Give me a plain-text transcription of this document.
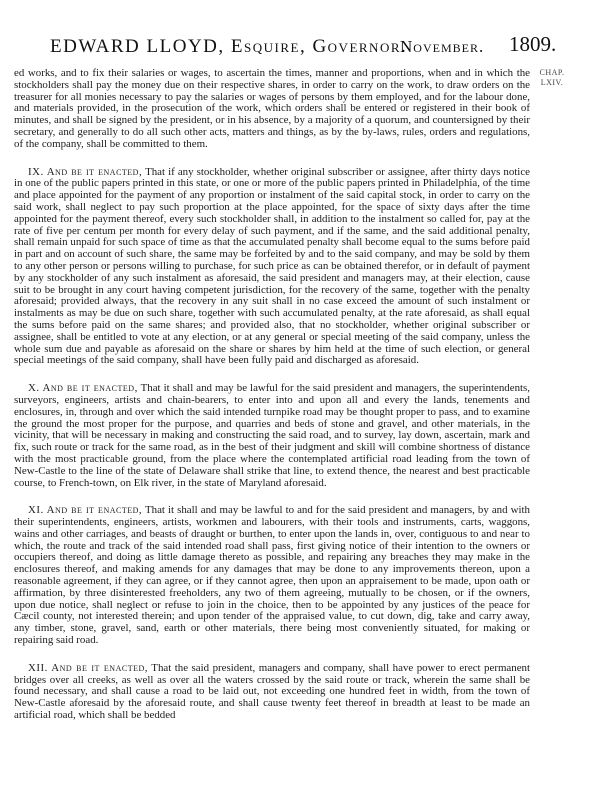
EDWARD LLOYD, Esquire, Governor.
November. 1809.
CHAP.
LXIV.

ed works, and to fix their salaries or wages, to ascertain the times, manner and proportions, when and in which the stockholders shall pay the money due on their respective shares, in order to carry on the work, to draw orders on the treasurer for all monies necessary to pay the salaries or wages of persons by them employed, and for the labour done, and materials provided, in the prosecution of the work, which orders shall be entered or registered in their book of minutes, and shall be signed by the president, or in his absence, by a majority of a quorum, and countersigned by their secretary, and generally to do all such other acts, matters and things, as by the by-laws, rules, orders and regulations, of the company, shall be committed to them.

IX. And be it enacted, That if any stockholder, whether original subscriber or assignee, after thirty days notice in one of the public papers printed in this state, or one or more of the public papers printed in Philadelphia, of the time and place appointed for the payment of any proportion or instalment of the said capital stock, in order to carry on the said work, shall neglect to pay such proportion at the place appointed, for the space of sixty days after the time appointed for the payment thereof, every such stockholder shall, in addition to the instalment so called for, pay at the rate of five per centum per month for every delay of such payment, and if the same, and the said additional penalty, shall remain unpaid for such space of time as that the accumulated penalty shall become equal to the sums before paid in part and on account of such share, the same may be forfeited by and to the said company, and may be sold by them to any other person or persons willing to purchase, for such price as can be obtained therefor, or in default of payment by any stockholder of any such instalment as aforesaid, the said president and managers may, at their election, cause suit to be brought in any court having competent jurisdiction, for the recovery of the same, together with the penalty aforesaid; provided always, that the recovery in any suit shall in no case exceed the amount of such instalment or instalments as may be due on such share, together with such accumulated penalty, at the rate aforesaid, as shall equal the sums before paid on the same shares; and provided also, that no stockholder, whether original subscriber or assignee, shall be entitled to vote at any election, or at any general or special meeting of the said company, unless the whole sum due and payable as aforesaid on the share or shares by him held at the time of such election, or general special meetings of the said company, shall have been fully paid and discharged as aforesaid.

X. And be it enacted, That it shall and may be lawful for the said president and managers, the superintendents, surveyors, engineers, artists and chain-bearers, to enter into and upon all and every the lands, tenements and enclosures, in, through and over which the said intended turnpike road may be thought proper to pass, and to examine the ground the most proper for the purpose, and quarries and beds of stone and gravel, and other materials, in the vicinity, that will be necessary in making and constructing the said road, and to survey, lay down, ascertain, mark and fix, such route or track for the same road, as in the best of their judgment and skill will combine shortness of distance with the most practicable ground, from the place where the contemplated artificial road leading from the town of New-Castle to the line of the state of Delaware shall strike that line, to extend thence, the nearest and best practicable course, to French-town, on Elk river, in the state of Maryland aforesaid.

XI. And be it enacted, That it shall and may be lawful to and for the said president and managers, by and with their superintendents, engineers, artists, workmen and labourers, with their tools and instruments, carts, waggons, wains and other carriages, and beasts of draught or burthen, to enter upon the lands in, over, contiguous to and near to which, the route and track of the said intended road shall pass, first giving notice of their intention to the owners or occupiers thereof, and doing as little damage thereto as possible, and repairing any breaches they may make in the enclosures thereof, and making amends for any damages that may be done to any improvements thereon, upon a reasonable agreement, if they can agree, or if they cannot agree, then upon an appraisement to be made, upon oath or affirmation, by three disinterested freeholders, any two of them agreeing, mutually to be chosen, or if the owners, upon due notice, shall neglect or refuse to join in the choice, then to be appointed by any justices of the peace for Cæcil county, not interested therein; and upon tender of the appraised value, to cut down, dig, take and carry away, any timber, stone, gravel, sand, earth or other materials, there being most conveniently situated, for making or repairing said road.

XII. And be it enacted, That the said president, managers and company, shall have power to erect permanent bridges over all creeks, as well as over all the waters crossed by the said route or track, wherein the same shall be found necessary, and shall cause a road to be laid out, not exceeding one hundred feet in width, from the town of New-Castle aforesaid by the aforesaid route, and shall cause twenty feet thereof in breadth at least to be made an artificial road, which shall be bedded
